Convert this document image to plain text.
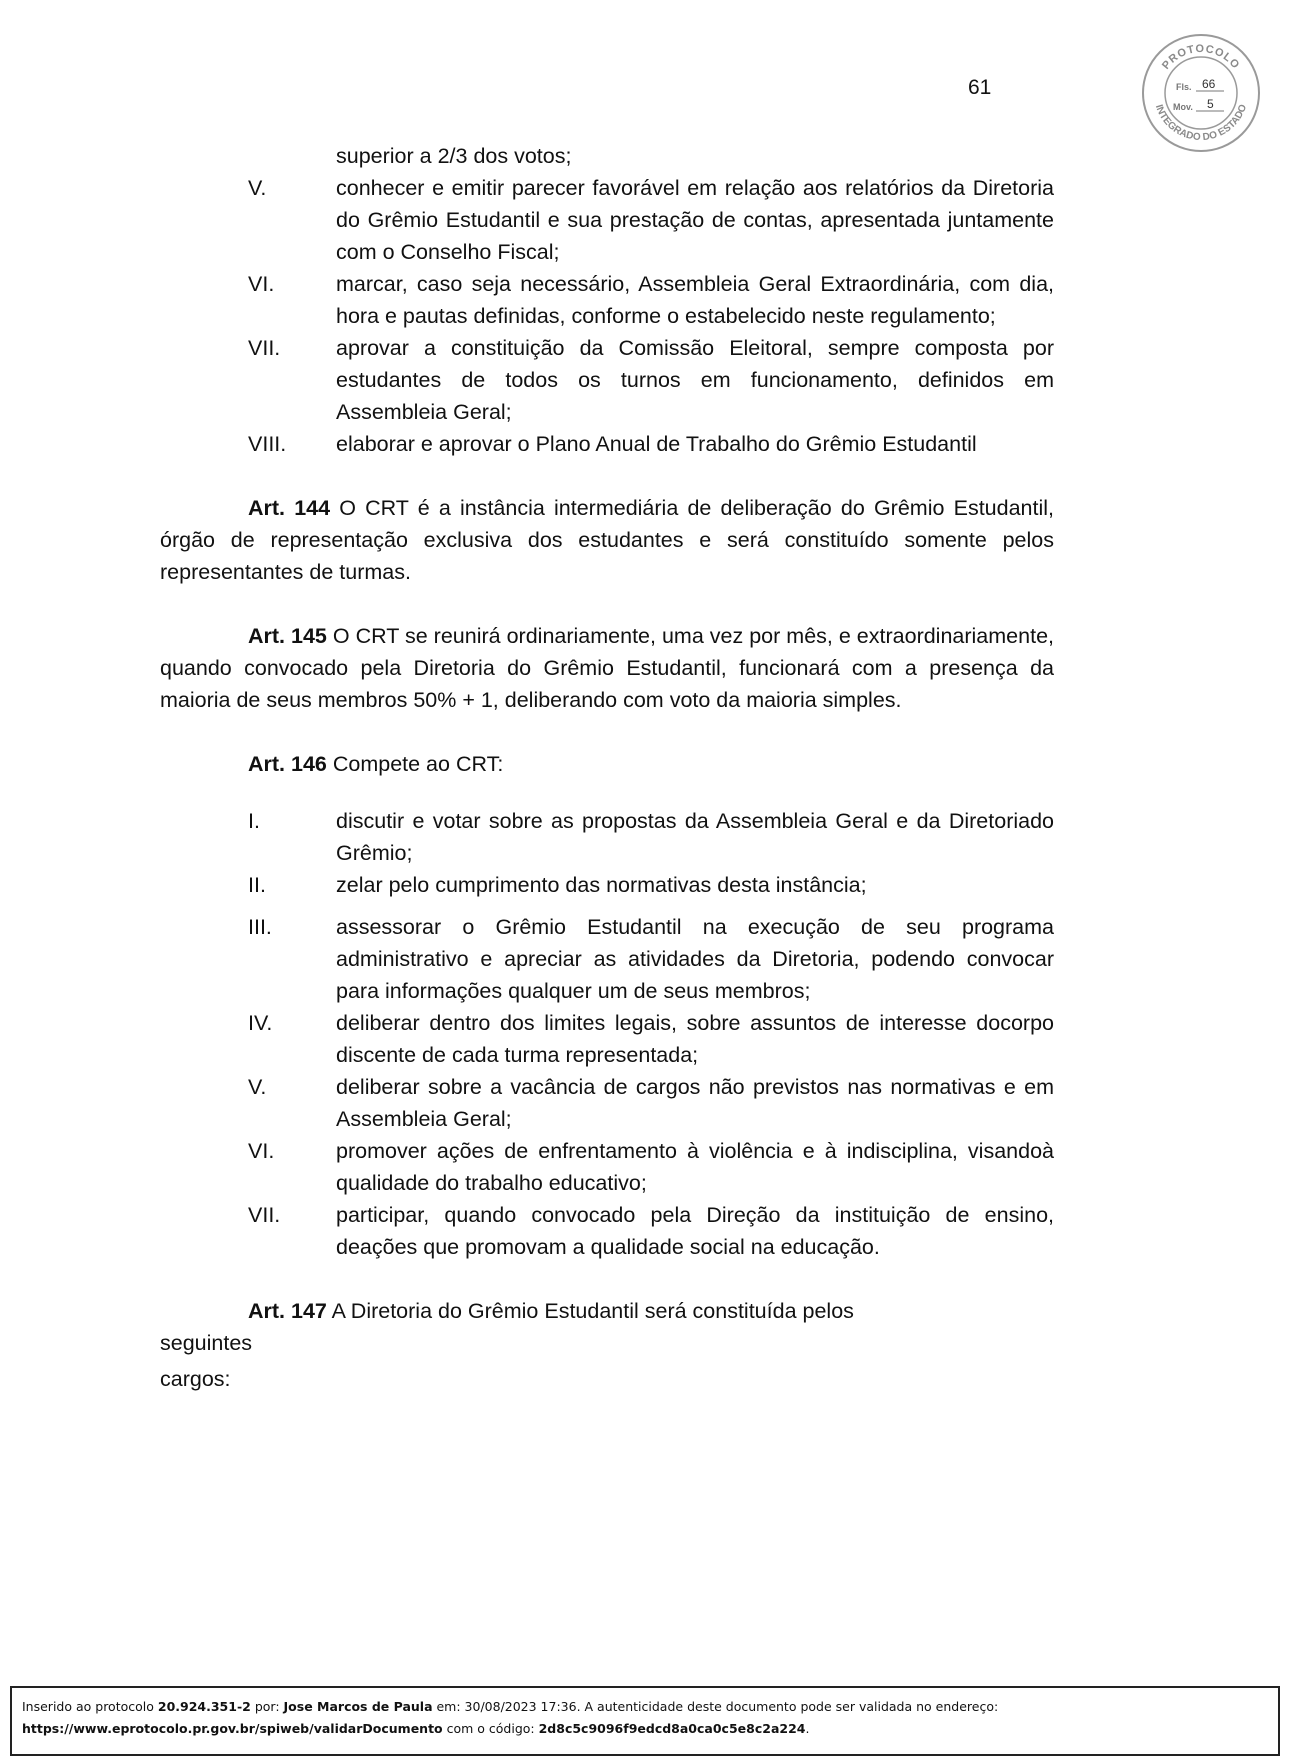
61
PROTOCOLO
INTEGRADO DO ESTADO
Fls. 66
Mov. 5
superior a 2/3 dos votos;
V.	conhecer e emitir parecer favorável em relação aos relatórios da Diretoria do Grêmio Estudantil e sua prestação de contas, apresentada juntamente com o Conselho Fiscal;
VI.	marcar, caso seja necessário, Assembleia Geral Extraordinária, com dia, hora e pautas definidas, conforme o estabelecido neste regulamento;
VII.	aprovar a constituição da Comissão Eleitoral, sempre composta por estudantes de todos os turnos em funcionamento, definidos em Assembleia Geral;
VIII. elaborar e aprovar o Plano Anual de Trabalho do Grêmio Estudantil

Art. 144 O CRT é a instância intermediária de deliberação do Grêmio Estudantil, órgão de representação exclusiva dos estudantes e será constituído somente pelos representantes de turmas.

Art. 145 O CRT se reunirá ordinariamente, uma vez por mês, e extraordinariamente, quando convocado pela Diretoria do Grêmio Estudantil, funcionará com a presença da maioria de seus membros 50% + 1, deliberando com voto da maioria simples.

Art. 146 Compete ao CRT:

I.	discutir e votar sobre as propostas da Assembleia Geral e da Diretoriado Grêmio;
II.	zelar pelo cumprimento das normativas desta instância;
III.	assessorar o Grêmio Estudantil na execução de seu programa administrativo e apreciar as atividades da Diretoria, podendo convocar para informações qualquer um de seus membros;
IV.	deliberar dentro dos limites legais, sobre assuntos de interesse docorpo discente de cada turma representada;
V.	deliberar sobre a vacância de cargos não previstos nas normativas e em Assembleia Geral;
VI.	promover ações de enfrentamento à violência e à indisciplina, visandoà qualidade do trabalho educativo;
VII.	participar, quando convocado pela Direção da instituição de ensino, deações que promovam a qualidade social na educação.

Art. 147 A Diretoria do Grêmio Estudantil será constituída pelos

seguintes
cargos:
Inserido ao protocolo 20.924.351-2 por: Jose Marcos de Paula em: 30/08/2023 17:36. A autenticidade deste documento pode ser validada no endereço:
https://www.eprotocolo.pr.gov.br/spiweb/validarDocumento com o código: 2d8c5c9096f9edcd8a0ca0c5e8c2a224.
